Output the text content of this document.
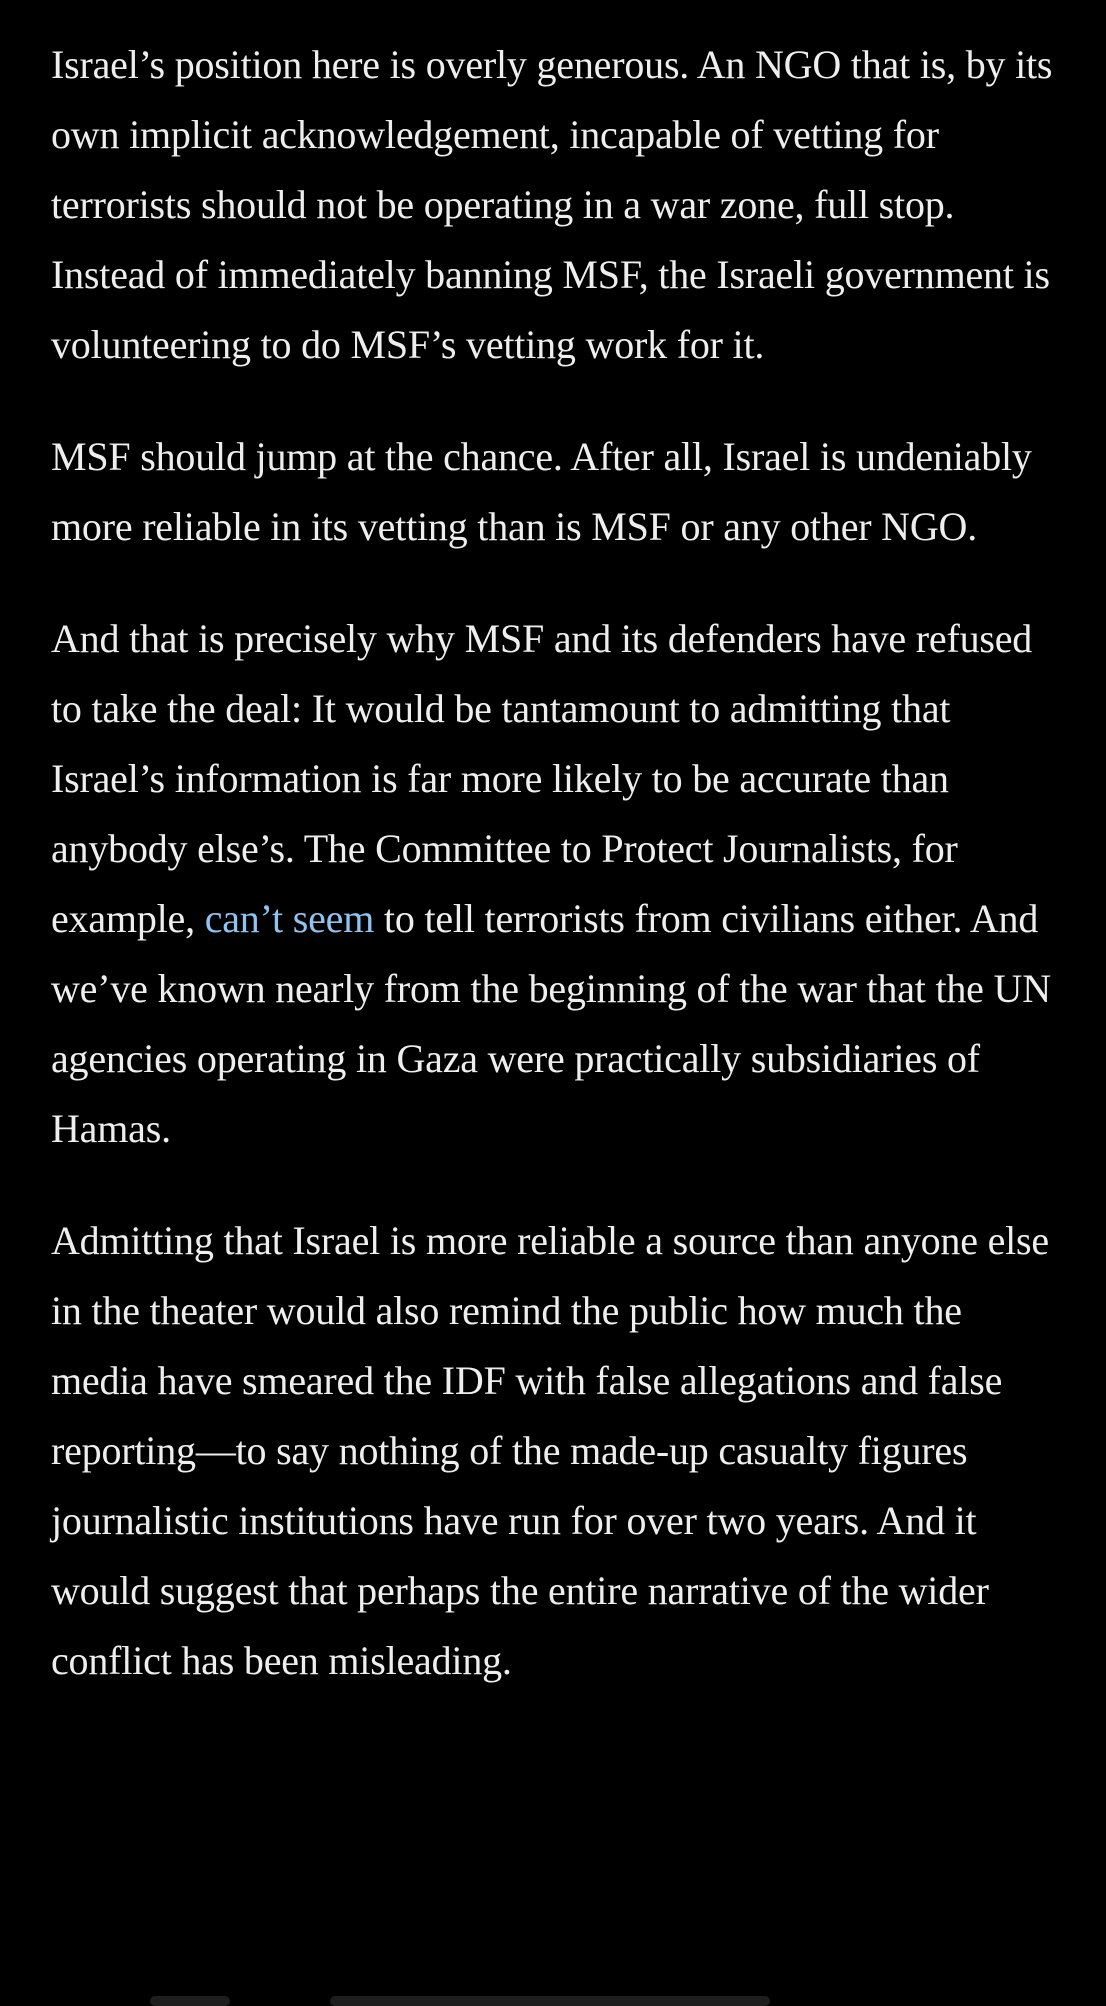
Israel’s position here is overly generous. An NGO that is, by its own implicit acknowledgement, incapable of vetting for terrorists should not be operating in a war zone, full stop. Instead of immediately banning MSF, the Israeli government is volunteering to do MSF’s vetting work for it.

MSF should jump at the chance. After all, Israel is undeniably more reliable in its vetting than is MSF or any other NGO.

And that is precisely why MSF and its defenders have refused to take the deal: It would be tantamount to admitting that Israel’s information is far more likely to be accurate than anybody else’s. The Committee to Protect Journalists, for example, can’t seem to tell terrorists from civilians either. And we’ve known nearly from the beginning of the war that the UN agencies operating in Gaza were practically subsidiaries of Hamas.

Admitting that Israel is more reliable a source than anyone else in the theater would also remind the public how much the media have smeared the IDF with false allegations and false reporting—to say nothing of the made-up casualty figures journalistic institutions have run for over two years. And it would suggest that perhaps the entire narrative of the wider conflict has been misleading.
